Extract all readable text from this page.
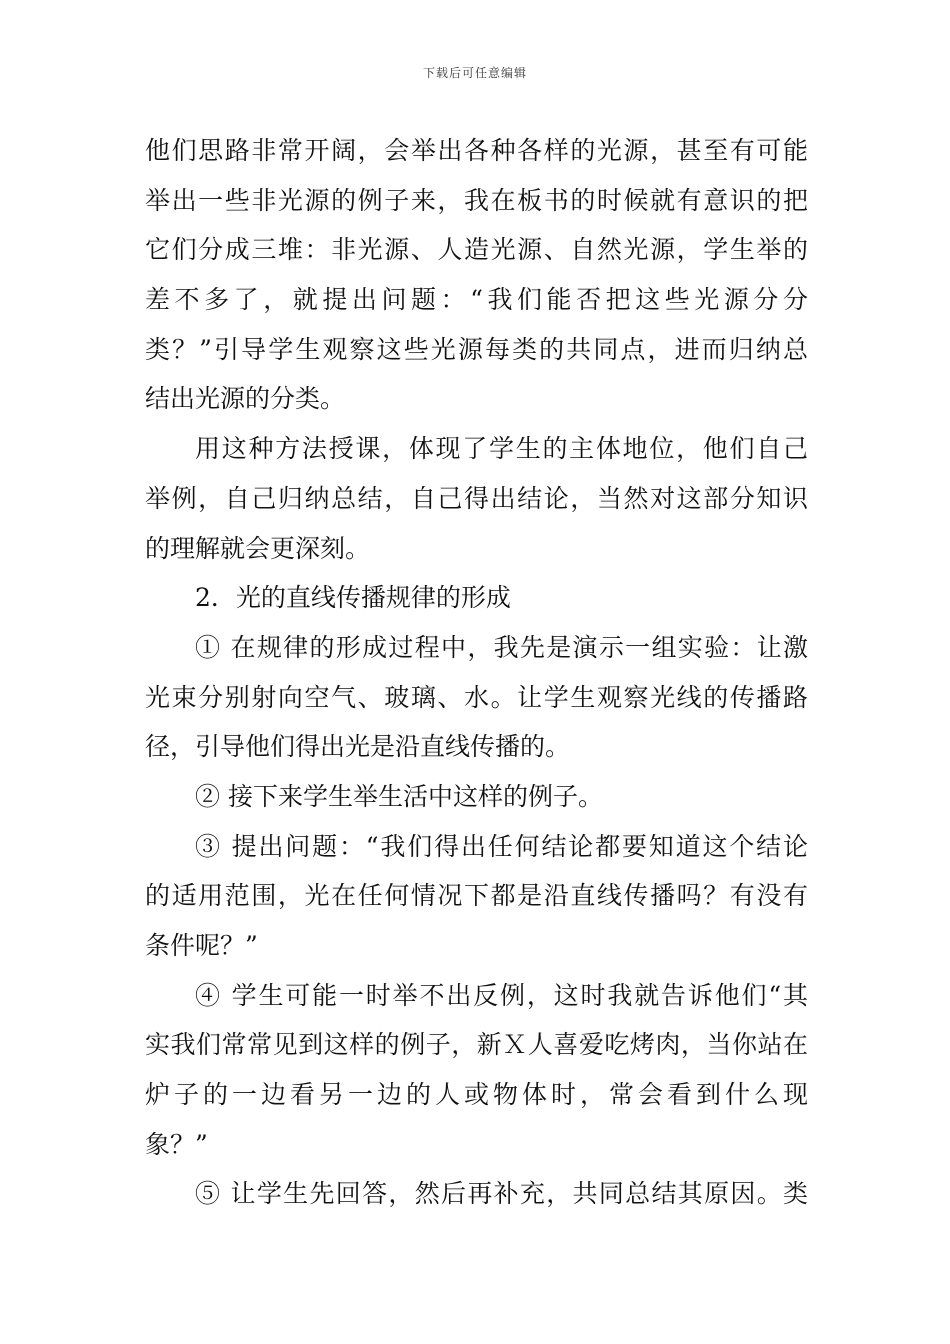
下载后可任意编辑
他们思路非常开阔，会举出各种各样的光源，甚至有可能
举出一些非光源的例子来，我在板书的时候就有意识的把
它们分成三堆：非光源、人造光源、自然光源，学生举的
差不多了，就提出问题：“我们能否把这些光源分分
类？”引导学生观察这些光源每类的共同点，进而归纳总
结出光源的分类。
用这种方法授课，体现了学生的主体地位，他们自己
举例，自己归纳总结，自己得出结论，当然对这部分知识
的理解就会更深刻。
2．光的直线传播规律的形成
① 在规律的形成过程中，我先是演示一组实验：让激
光束分别射向空气、玻璃、水。让学生观察光线的传播路
径，引导他们得出光是沿直线传播的。
② 接下来学生举生活中这样的例子。
③ 提出问题：“我们得出任何结论都要知道这个结论
的适用范围，光在任何情况下都是沿直线传播吗？有没有
条件呢？”
④ 学生可能一时举不出反例，这时我就告诉他们“其
实我们常常见到这样的例子，新Ｘ人喜爱吃烤肉，当你站在
炉子的一边看另一边的人或物体时，常会看到什么现
象？”
⑤ 让学生先回答，然后再补充，共同总结其原因。类
